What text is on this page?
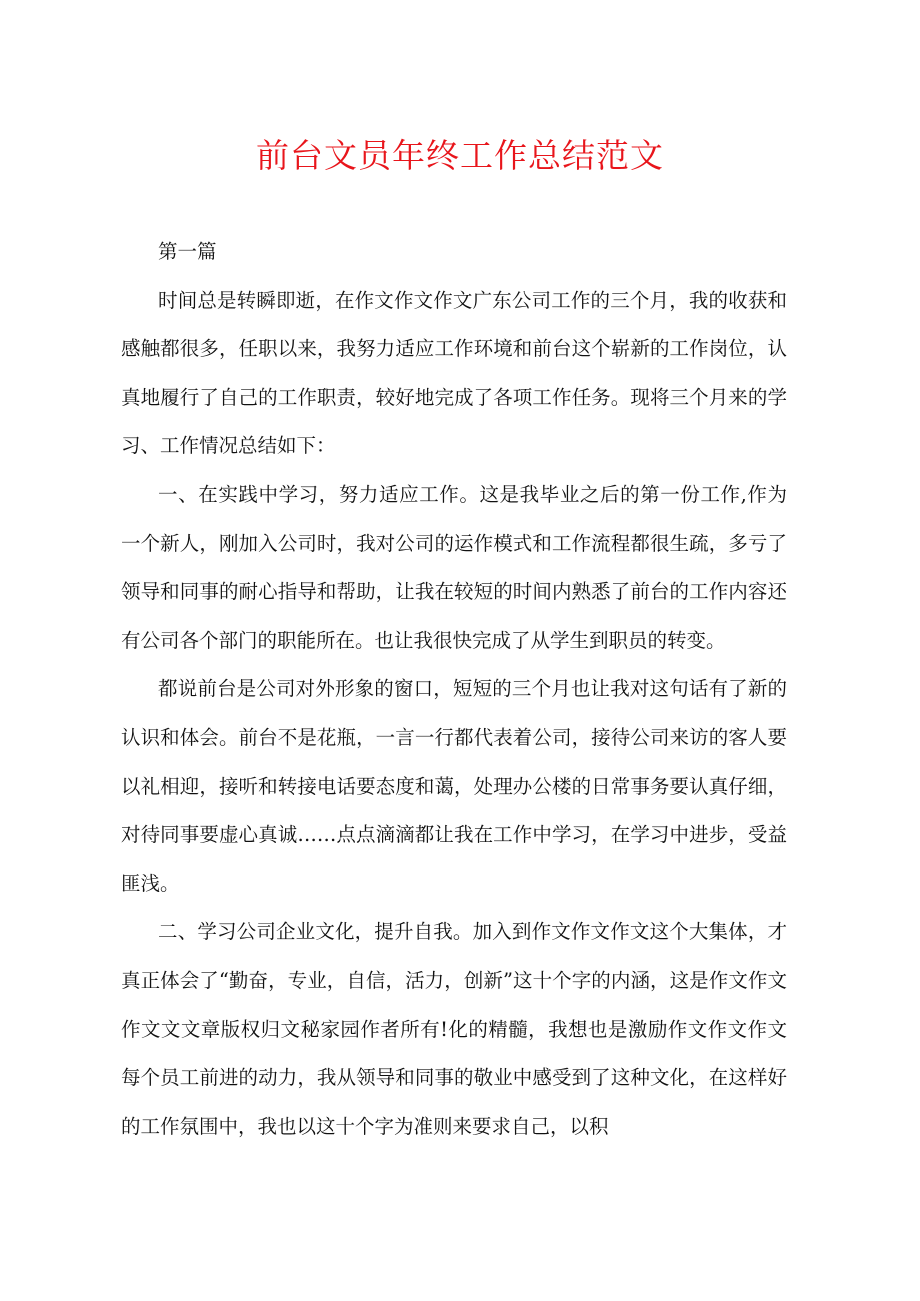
前台文员年终工作总结范文

第一篇

时间总是转瞬即逝，在作文作文作文广东公司工作的三个月，我的收获和感触都很多，任职以来，我努力适应工作环境和前台这个崭新的工作岗位，认真地履行了自己的工作职责，较好地完成了各项工作任务。现将三个月来的学习、工作情况总结如下：

一、在实践中学习，努力适应工作。这是我毕业之后的第一份工作,作为一个新人，刚加入公司时，我对公司的运作模式和工作流程都很生疏，多亏了领导和同事的耐心指导和帮助，让我在较短的时间内熟悉了前台的工作内容还有公司各个部门的职能所在。也让我很快完成了从学生到职员的转变。

都说前台是公司对外形象的窗口，短短的三个月也让我对这句话有了新的认识和体会。前台不是花瓶，一言一行都代表着公司，接待公司来访的客人要以礼相迎，接听和转接电话要态度和蔼，处理办公楼的日常事务要认真仔细，对待同事要虚心真诚……点点滴滴都让我在工作中学习，在学习中进步，受益匪浅。

二、学习公司企业文化，提升自我。加入到作文作文作文这个大集体，才真正体会了“勤奋，专业，自信，活力，创新”这十个字的内涵，这是作文作文作文文文章版权归文秘家园作者所有!化的精髓，我想也是激励作文作文作文每个员工前进的动力，我从领导和同事的敬业中感受到了这种文化，在这样好的工作氛围中，我也以这十个字为准则来要求自己，以积
